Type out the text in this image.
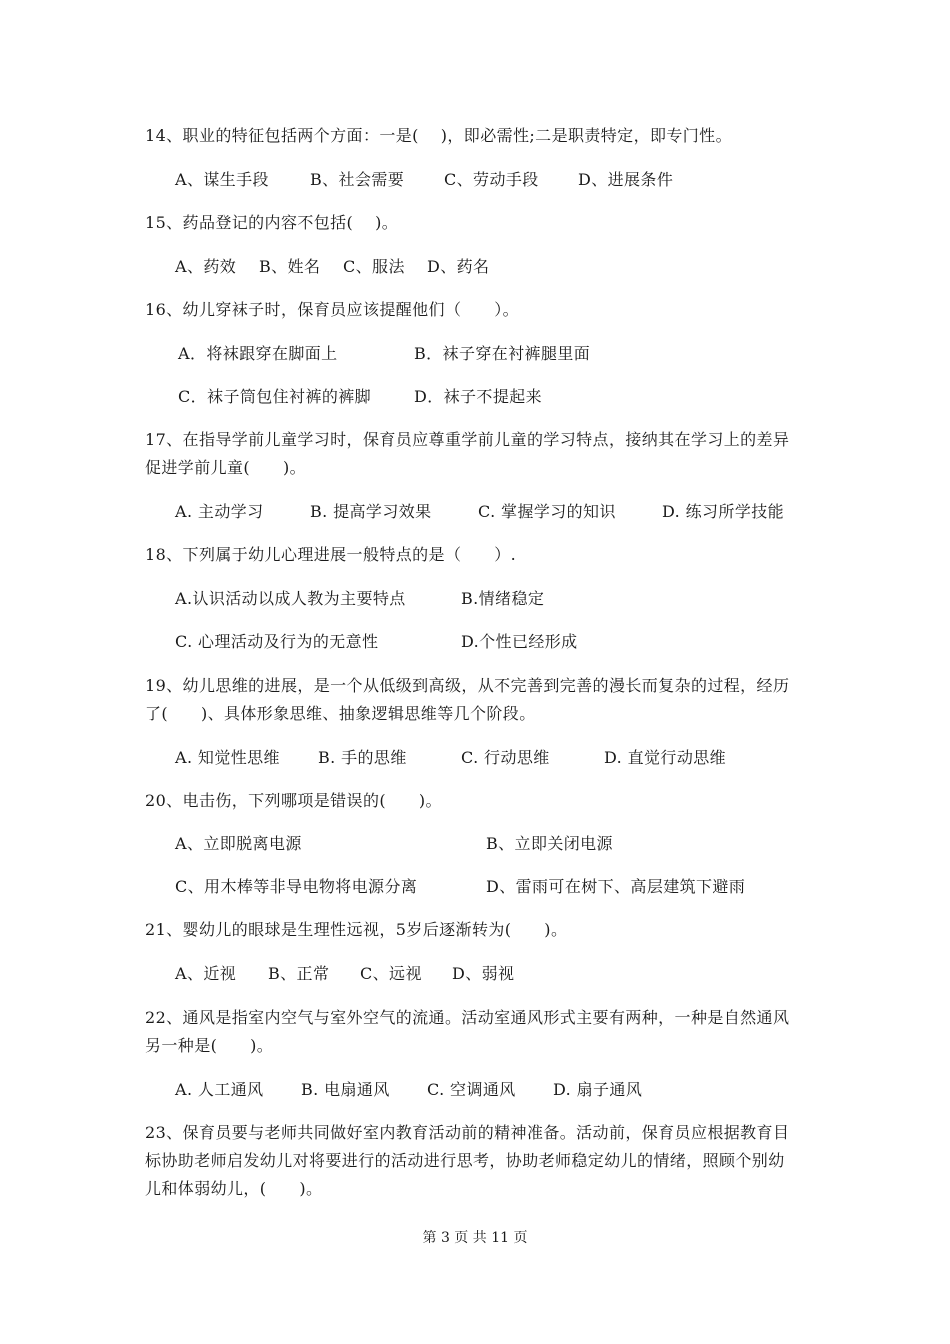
14、职业的特征包括两个方面：一是(    )，即必需性;二是职责特定，即专门性。
A、谋生手段	B、社会需要 C、劳动手段 D、进展条件
15、药品登记的内容不包括(    )。
A、药效 B、姓名 C、服法 D、药名
16、幼儿穿袜子时，保育员应该提醒他们（      ）。
A．将袜跟穿在脚面上	B．袜子穿在衬裤腿里面
C．袜子筒包住衬裤的裤脚	D．袜子不提起来
17、在指导学前儿童学习时，保育员应尊重学前儿童的学习特点，接纳其在学习上的差异
促进学前儿童(      )。
A. 主动学习	B. 提高学习效果	C. 掌握学习的知识	D. 练习所学技能
18、下列属于幼儿心理进展一般特点的是（      ）.
A.认识活动以成人教为主要特点	B.情绪稳定
C. 心理活动及行为的无意性	D.个性已经形成
19、幼儿思维的进展，是一个从低级到高级，从不完善到完善的漫长而复杂的过程，经历
了(      )、具体形象思维、抽象逻辑思维等几个阶段。
A. 知觉性思维 B. 手的思维	C. 行动思维	D. 直觉行动思维
20、电击伤，下列哪项是错误的(      )。
A、立即脱离电源	B、立即关闭电源
C、用木棒等非导电物将电源分离	D、雷雨可在树下、高层建筑下避雨
21、婴幼儿的眼球是生理性远视，5岁后逐渐转为(      )。
A、近视 B、正常 C、远视 D、弱视
22、通风是指室内空气与室外空气的流通。活动室通风形式主要有两种，一种是自然通风
另一种是(      )。
A. 人工通风 B. 电扇通风 C. 空调通风 D. 扇子通风
23、保育员要与老师共同做好室内教育活动前的精神准备。活动前，保育员应根据教育目
标协助老师启发幼儿对将要进行的活动进行思考，协助老师稳定幼儿的情绪，照顾个别幼
儿和体弱幼儿，(      )。
第 3 页 共 11 页
